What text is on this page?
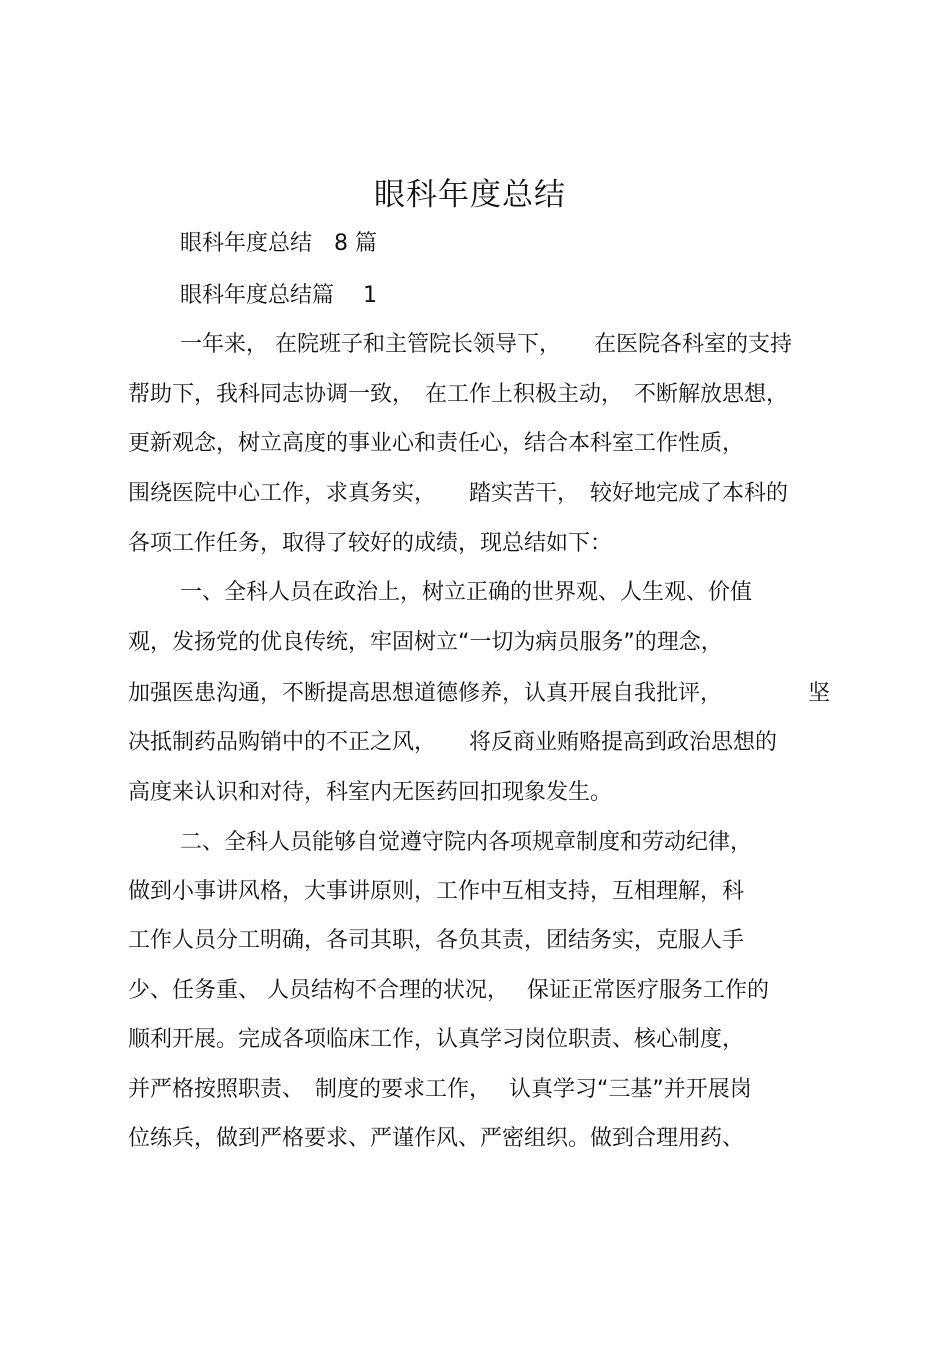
眼科年度总结
眼科年度总结　8 篇
眼科年度总结篇　 1
一年来， 在院班子和主管院长领导下，　　在医院各科室的支持
帮助下，我科同志协调一致，　在工作上积极主动，　不断解放思想，
更新观念，树立高度的事业心和责任心，结合本科室工作性质，
围绕医院中心工作，求真务实，　　踏实苦干，　较好地完成了本科的
各项工作任务，取得了较好的成绩，现总结如下：
一、全科人员在政治上，树立正确的世界观、人生观、价值
观，发扬党的优良传统，牢固树立“一切为病员服务”的理念，
加强医患沟通，不断提高思想道德修养，认真开展自我批评，	坚
决抵制药品购销中的不正之风，　　将反商业贿赂提高到政治思想的
高度来认识和对待，科室内无医药回扣现象发生。
二、全科人员能够自觉遵守院内各项规章制度和劳动纪律，
做到小事讲风格，大事讲原则，工作中互相支持，互相理解，科
工作人员分工明确，各司其职，各负其责，团结务实，克服人手
少、任务重、 人员结构不合理的状况，　 保证正常医疗服务工作的
顺利开展。完成各项临床工作，认真学习岗位职责、核心制度，
并严格按照职责、　制度的要求工作，　 认真学习“三基”并开展岗
位练兵，做到严格要求、严谨作风、严密组织。做到合理用药、
